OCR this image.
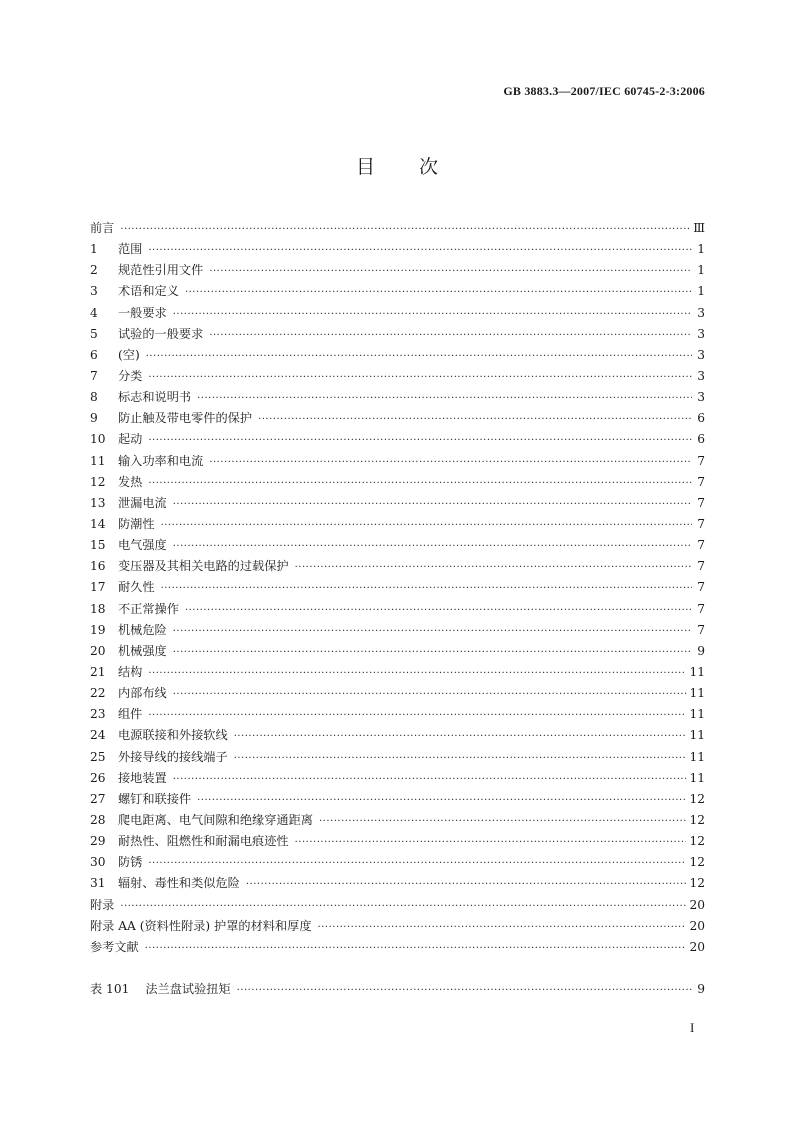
GB 3883.3—2007/IEC 60745-2-3:2006
目 次
前言 ·····	Ⅲ
1	范围 ·····	1
2	规范性引用文件 ·····	1
3	术语和定义 ·····	1
4	一般要求 ·····	3
5	试验的一般要求 ·····	3
6	(空) ·····	3
7	分类 ·····	3
8	标志和说明书 ·····	3
9	防止触及带电零件的保护 ·····	6
10 起动 ·····	6
11 输入功率和电流 ·····	7
12 发热 ·····	7
13 泄漏电流 ·····	7
14 防潮性 ·····	7
15 电气强度 ·····	7
16 变压器及其相关电路的过载保护 ·····	7
17 耐久性 ·····	7
18 不正常操作 ·····	7
19 机械危险 ·····	7
20 机械强度 ·····	9
21 结构 ·····	11
22 内部布线 ·····	11
23 组件 ·····	11
24 电源联接和外接软线 ·····	11
25 外接导线的接线端子 ·····	11
26 接地装置 ·····	11
27 螺钉和联接件 ·····	12
28 爬电距离、电气间隙和绝缘穿通距离 ·····	12
29 耐热性、阻燃性和耐漏电痕迹性 ·····	12
30 防锈 ·····	12
31 辐射、毒性和类似危险 ·····	12
附录 ·····	20
附录 AA (资料性附录) 护罩的材料和厚度 ·····	20
参考文献 ·····	20
表 101 法兰盘试验扭矩 ·····	9
I
